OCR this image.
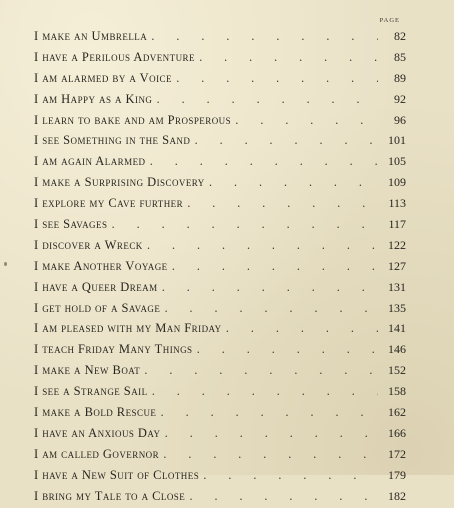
PAGE
I make an Umbrella . . .	82
I have a Perilous Adventure . . .	85
I am alarmed by a Voice . . .	89
I am Happy as a King . . .	92
I learn to bake and am Prosperous . . .	96
I see Something in the Sand . . .	101
I am again Alarmed . . .	105
I make a Surprising Discovery . . .	109
I explore my Cave further . . .	113
I see Savages . . .	117
I discover a Wreck . . .	122
I make Another Voyage . . .	127
I have a Queer Dream . . .	131
I get hold of a Savage . . .	135
I am pleased with my Man Friday . . .	141
I teach Friday Many Things . . .	146
I make a New Boat . . .	152
I see a Strange Sail . . .	158
I make a Bold Rescue . . .	162
I have an Anxious Day . . .	166
I am called Governor . . .	172
I have a New Suit of Clothes . . .	179
I bring my Tale to a Close . . .	182
